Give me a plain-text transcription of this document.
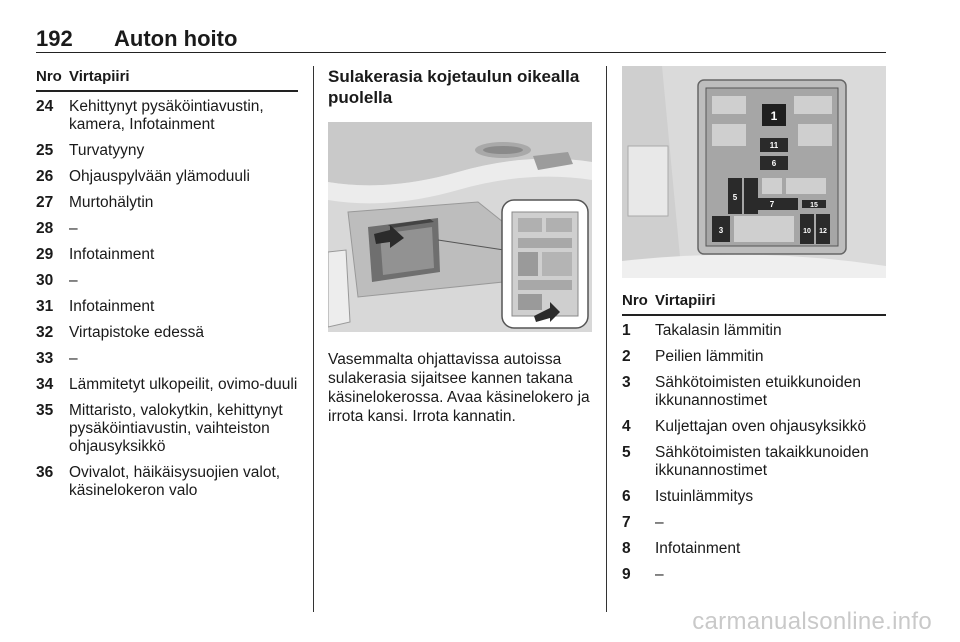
192 Auton hoito
Nro Virtapiiri
24 Kehittynyt pysäköintiavustin, kamera, Infotainment
25 Turvatyyny
26 Ohjauspylvään ylämoduuli
27 Murtohälytin
28 –
29 Infotainment
30 –
31 Infotainment
32 Virtapistoke edessä
33 –
34 Lämmitetyt ulkopeilit, ovimo-duuli
35 Mittaristo, valokytkin, kehittynyt pysäköintiavustin, vaihteiston ohjausyksikkö
36 Ovivalot, häikäisysuojien valot, käsinelokeron valo
Sulakerasia kojetaulun oikealla puolella

Vasemmalta ohjattavissa autoissa sulakerasia sijaitsee kannen takana käsinelokerossa. Avaa käsinelokero ja irrota kansi. Irrota kannatin.

1
11
6
5
7	15
3	10 12
Nro Virtapiiri
1 Takalasin lämmitin
2 Peilien lämmitin
3 Sähkötoimisten etuikkunoiden ikkunannostimet
4 Kuljettajan oven ohjausyksikkö
5 Sähkötoimisten takaikkunoiden ikkunannostimet
6 Istuinlämmitys
7 –
8 Infotainment
9 –
carmanualsonline.info
